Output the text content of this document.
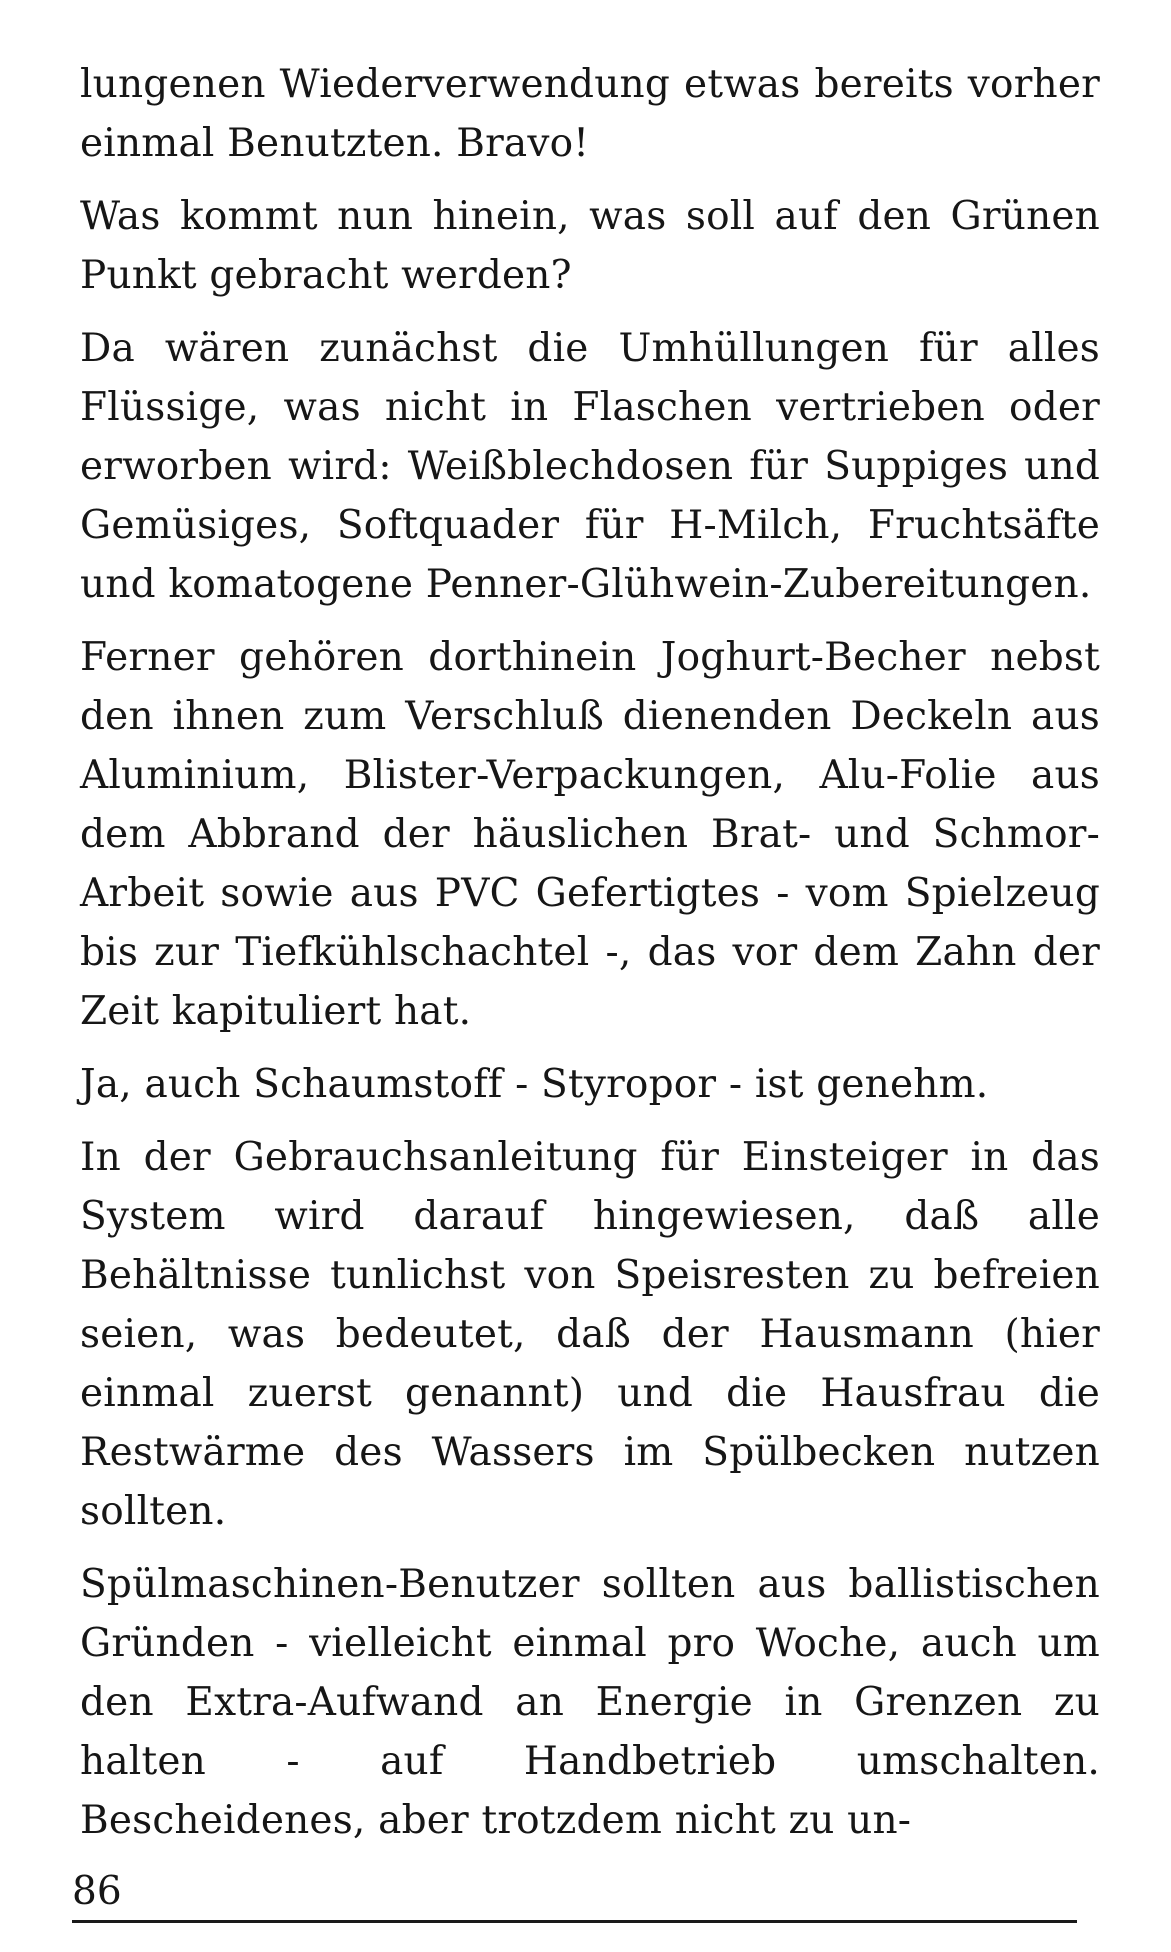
lungenen Wiederverwendung etwas bereits vorher einmal Benutzten. Bravo!

Was kommt nun hinein, was soll auf den Grünen Punkt gebracht werden?

Da wären zunächst die Umhüllungen für alles Flüssige, was nicht in Flaschen vertrieben oder erworben wird: Weißblechdosen für Suppiges und Gemüsiges, Softquader für H-Milch, Fruchtsäfte und komatogene Penner-Glühwein-Zubereitungen.

Ferner gehören dorthinein Joghurt-Becher nebst den ihnen zum Verschluß dienenden Deckeln aus Aluminium, Blister-Verpackungen, Alu-Folie aus dem Abbrand der häuslichen Brat- und Schmor-Arbeit sowie aus PVC Gefertigtes - vom Spielzeug bis zur Tiefkühlschachtel -, das vor dem Zahn der Zeit kapituliert hat.

Ja, auch Schaumstoff - Styropor - ist genehm.

In der Gebrauchsanleitung für Einsteiger in das System wird darauf hingewiesen, daß alle Behältnisse tunlichst von Speisresten zu befreien seien, was bedeutet, daß der Hausmann (hier einmal zuerst genannt) und die Hausfrau die Restwärme des Wassers im Spülbecken nutzen sollten.

Spülmaschinen-Benutzer sollten aus ballistischen Gründen - vielleicht einmal pro Woche, auch um den Extra-Aufwand an Energie in Grenzen zu halten - auf Handbetrieb umschalten. Bescheidenes, aber trotzdem nicht zu un-

86
